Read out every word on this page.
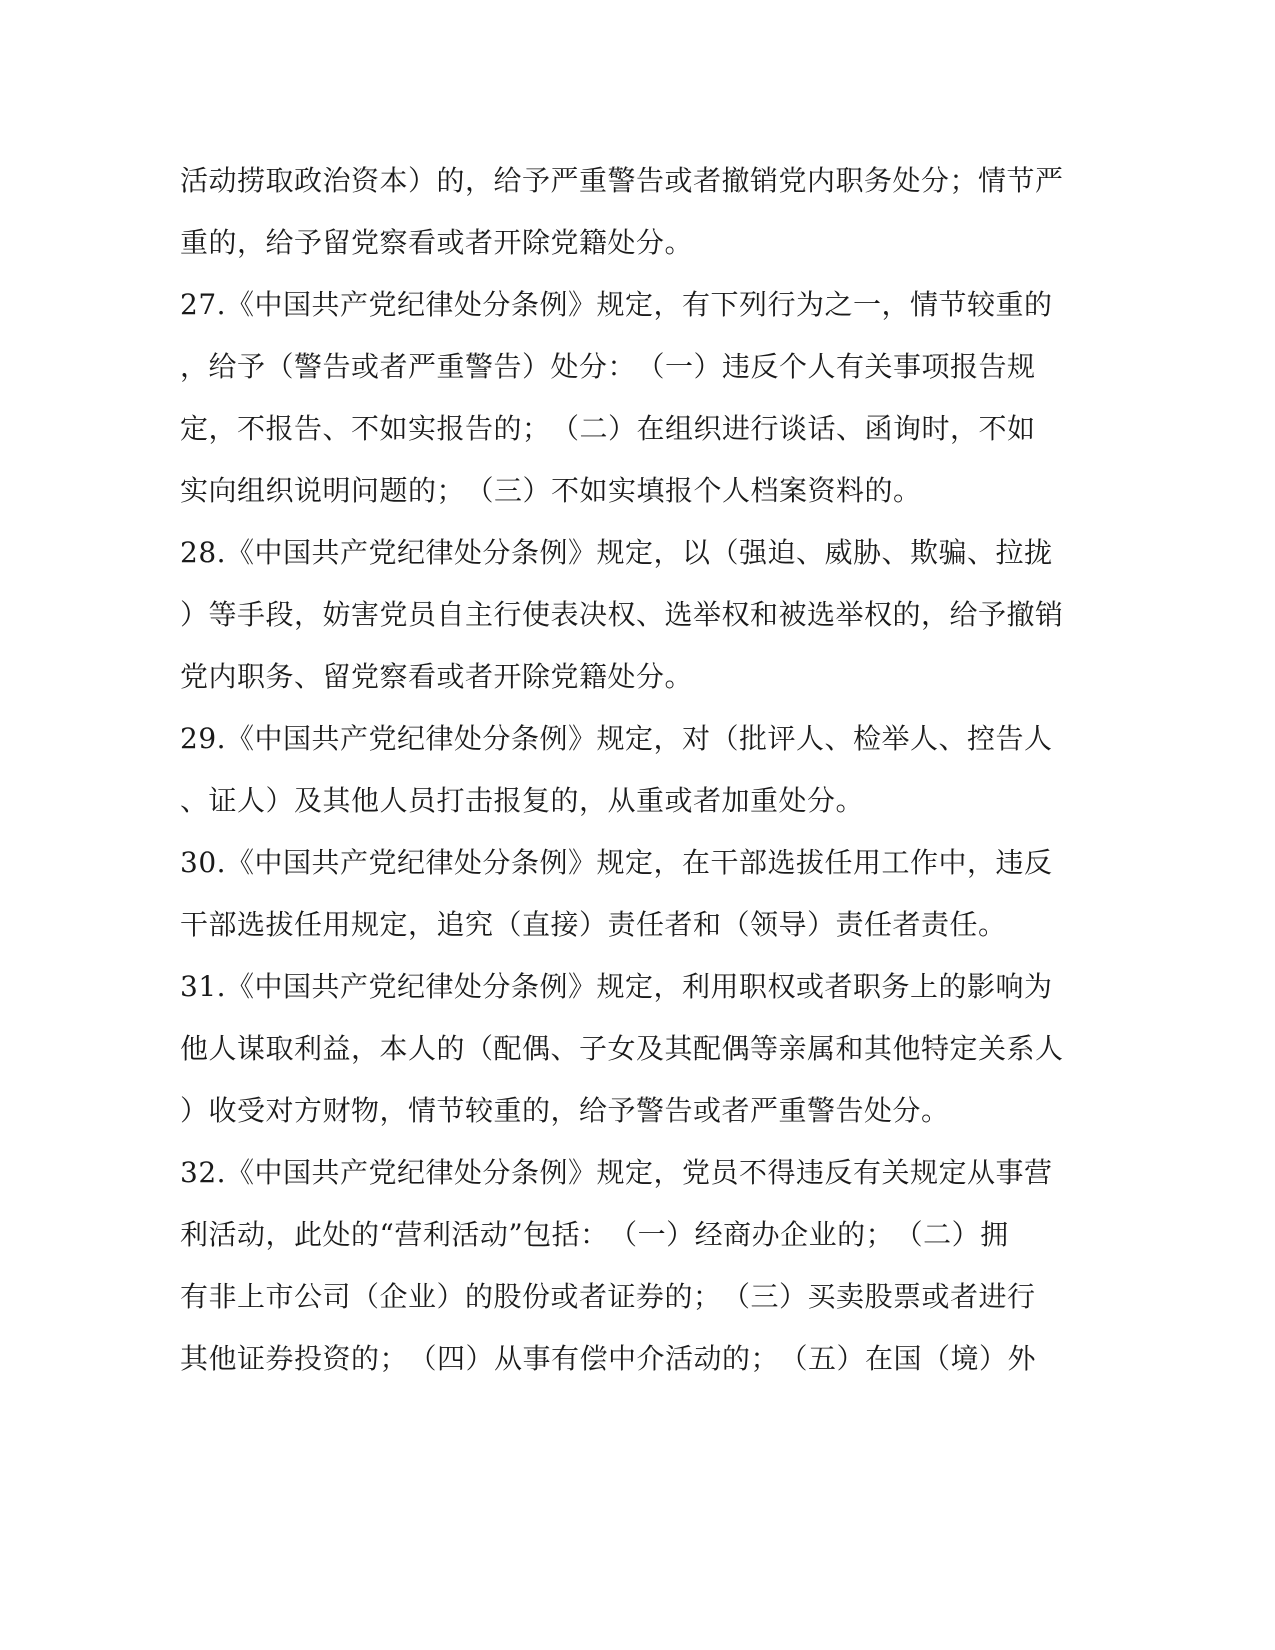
活动捞取政治资本）的，给予严重警告或者撤销党内职务处分；情节严
重的，给予留党察看或者开除党籍处分。
27.《中国共产党纪律处分条例》规定，有下列行为之一，情节较重的
，给予（警告或者严重警告）处分：　（一）违反个人有关事项报告规
定，不报告、不如实报告的；　（二）在组织进行谈话、函询时，不如
实向组织说明问题的；　（三）不如实填报个人档案资料的。
28.《中国共产党纪律处分条例》规定，以（强迫、威胁、欺骗、拉拢
）等手段，妨害党员自主行使表决权、选举权和被选举权的，给予撤销
党内职务、留党察看或者开除党籍处分。
29.《中国共产党纪律处分条例》规定，对（批评人、检举人、控告人
、证人）及其他人员打击报复的，从重或者加重处分。
30.《中国共产党纪律处分条例》规定，在干部选拔任用工作中，违反
干部选拔任用规定，追究（直接）责任者和（领导）责任者责任。
31.《中国共产党纪律处分条例》规定，利用职权或者职务上的影响为
他人谋取利益，本人的（配偶、子女及其配偶等亲属和其他特定关系人
）收受对方财物，情节较重的，给予警告或者严重警告处分。
32.《中国共产党纪律处分条例》规定，党员不得违反有关规定从事营
利活动，此处的“营利活动”包括：　（一）经商办企业的；　（二）拥
有非上市公司（企业）的股份或者证券的；　（三）买卖股票或者进行
其他证券投资的；　（四）从事有偿中介活动的；　（五）在国（境）外
